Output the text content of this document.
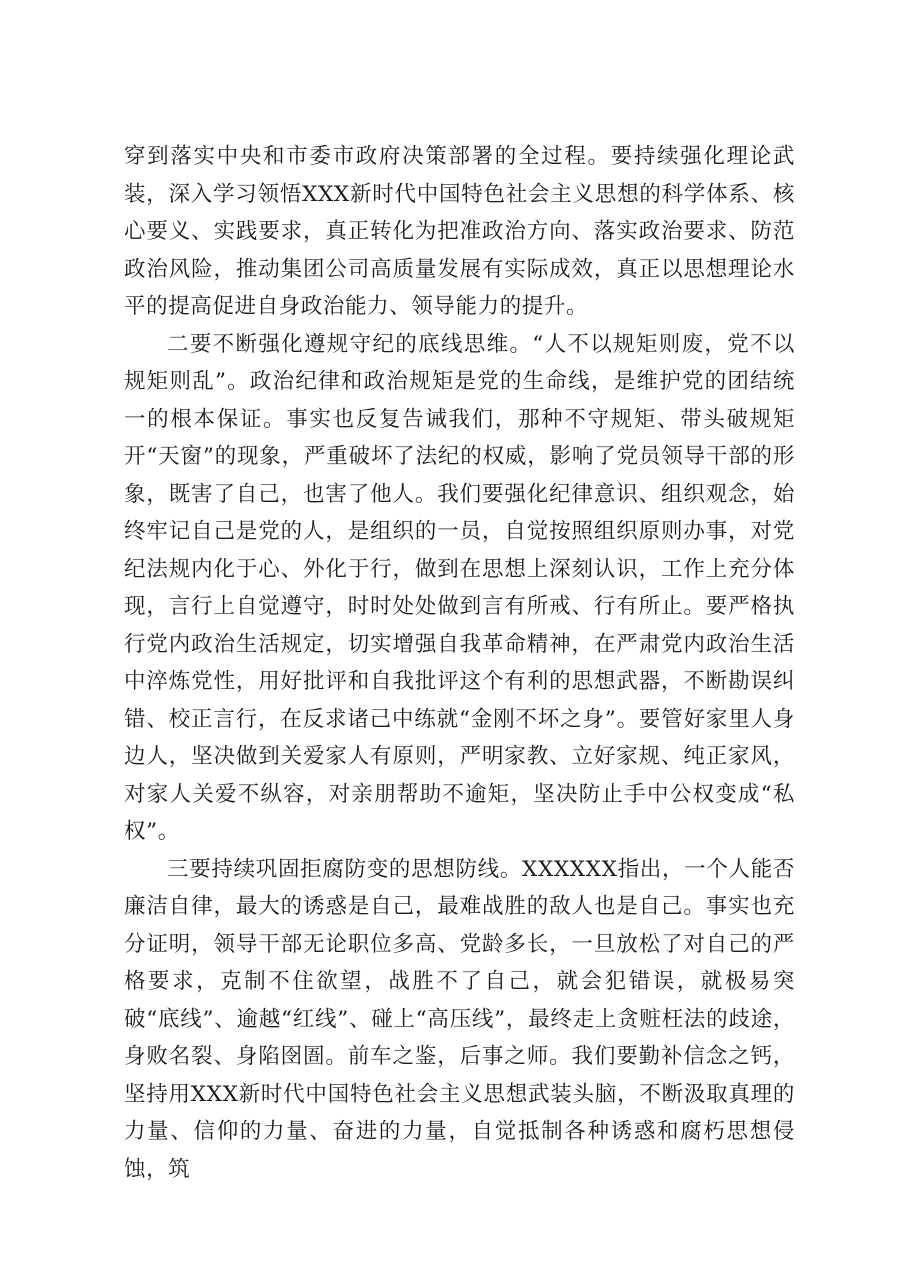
穿到落实中央和市委市政府决策部署的全过程。要持续强化理论武装，深入学习领悟XXX新时代中国特色社会主义思想的科学体系、核心要义、实践要求，真正转化为把准政治方向、落实政治要求、防范政治风险，推动集团公司高质量发展有实际成效，真正以思想理论水平的提高促进自身政治能力、领导能力的提升。

二要不断强化遵规守纪的底线思维。“人不以规矩则废，党不以规矩则乱”。政治纪律和政治规矩是党的生命线，是维护党的团结统一的根本保证。事实也反复告诫我们，那种不守规矩、带头破规矩开“天窗”的现象，严重破坏了法纪的权威，影响了党员领导干部的形象，既害了自己，也害了他人。我们要强化纪律意识、组织观念，始终牢记自己是党的人，是组织的一员，自觉按照组织原则办事，对党纪法规内化于心、外化于行，做到在思想上深刻认识，工作上充分体现，言行上自觉遵守，时时处处做到言有所戒、行有所止。要严格执行党内政治生活规定，切实增强自我革命精神，在严肃党内政治生活中淬炼党性，用好批评和自我批评这个有利的思想武器，不断勘误纠错、校正言行，在反求诸己中练就“金刚不坏之身”。要管好家里人身边人，坚决做到关爱家人有原则，严明家教、立好家规、纯正家风，对家人关爱不纵容，对亲朋帮助不逾矩，坚决防止手中公权变成“私权”。

三要持续巩固拒腐防变的思想防线。XXXXXX指出，一个人能否廉洁自律，最大的诱惑是自己，最难战胜的敌人也是自己。事实也充分证明，领导干部无论职位多高、党龄多长，一旦放松了对自己的严格要求，克制不住欲望，战胜不了自己，就会犯错误，就极易突破“底线”、逾越“红线”、碰上“高压线”，最终走上贪赃枉法的歧途，身败名裂、身陷囹圄。前车之鉴，后事之师。我们要勤补信念之钙，坚持用XXX新时代中国特色社会主义思想武装头脑，不断汲取真理的力量、信仰的力量、奋进的力量，自觉抵制各种诱惑和腐朽思想侵蚀，筑
